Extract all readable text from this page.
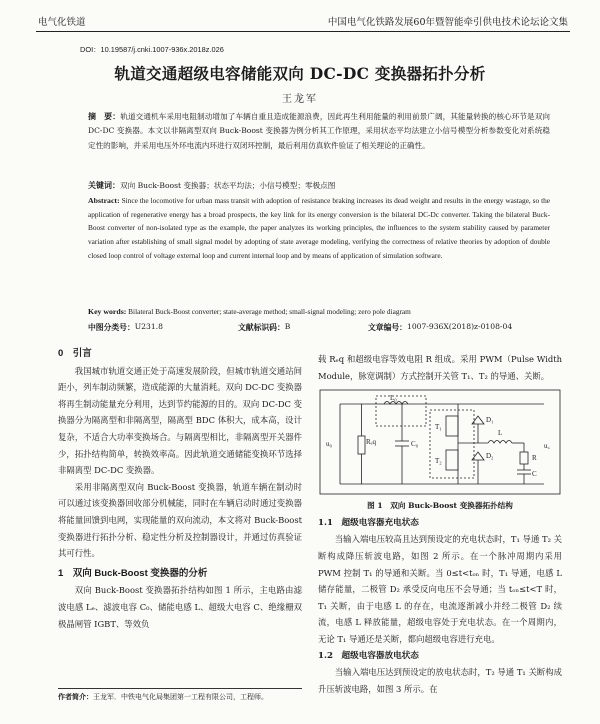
电气化铁道	中国电气化铁路发展60年暨智能牵引供电技术论坛论文集
DOI：10.19587/j.cnki.1007-936x.2018z.026
轨道交通超级电容储能双向 DC-DC 变换器拓扑分析
王龙军
摘　要：轨道交通机车采用电阻制动增加了车辆自重且造成能源浪费，因此再生利用能量的利用前景广阔，其能量转换的核心环节是双向 DC-DC 变换器。本文以非隔离型双向 Buck-Boost 变换器为例分析其工作原理，采用状态平均法建立小信号模型分析参数变化对系统稳定性的影响，并采用电压外环电流内环进行双闭环控制，最后利用仿真软件验证了相关理论的正确性。
关键词：双向 Buck-Boost 变换器；状态平均法；小信号模型；零极点图
Abstract: Since the locomotive for urban mass transit with adoption of resistance braking increases its dead weight and results in the energy wastage, so the application of regenerative energy has a broad prospects, the key link for its energy conversion is the bilateral DC-Dc converter. Taking the bilateral Buck-Boost converter of non-isolated type as the example, the paper analyzes its working principles, the influences to the system stability caused by parameter variation after establishing of small signal model by adopting of state average modeling, verifying the correctness of relative theories by adoption of double closed loop control of voltage external loop and current internal loop and by means of application of simulation software.
Key words: Bilateral Buck-Boost converter; state-average method; small-signal modeling; zero pole diagram
中图分类号： U231.8	文献标识码： B	文章编号： 1007-936X(2018)z-0108-04

0　引言

我国城市轨道交通正处于高速发展阶段，但城市轨道交通站间距小，列车制动频繁，造成能源的大量消耗。双向 DC-DC 变换器将再生制动能量充分利用，达到节约能源的目的。双向 DC-DC 变换器分为隔离型和非隔离型，隔离型 BDC 体积大，成本高，设计复杂，不适合大功率变换场合。与隔离型相比，非隔离型开关器件少，拓扑结构简单，转换效率高。因此轨道交通储能变换环节选择非隔离型 DC-DC 变换器。

采用非隔离型双向 Buck-Boost 变换器，轨道车辆在制动时可以通过该变换器回收部分机械能，同时在车辆启动时通过变换器将能量回馈到电网，实现能量的双向流动，本文将对 Buck-Boost 变换器进行拓扑分析、稳定性分析及控制器设计，并通过仿真验证其可行性。

1　双向 Buck-Boost 变换器的分析

双向 Buck-Boost 变换器拓扑结构如图 1 所示，主电路由滤波电感 Lₑ、滤波电容 C₀、储能电感 L、超级大电容 C、绝缘栅双极晶闸管 IGBT、等效负

作者简介：王龙军．中铁电气化局集团第一工程有限公司，工程师。

载 Rₑq 和超级电容等效电阻 R 组成。采用 PWM（Pulse Width Module，脉宽调制）方式控制开关管 T₁、T₂ 的导通、关断。

u₀	Rₑq
L₀
C₀
T₁
T₂
D₁
D₂
L
R
C
u꜀

图 1　双向 Buck-Boost 变换器拓扑结构

1.1　超级电容器充电状态

当输入端电压较高且达到预设定的充电状态时，T₁ 导通 T₂ 关断构成降压斩波电路，如图 2 所示。在一个脉冲周期内采用 PWM 控制 T₁ 的导通和关断。当 0≤t<tₒₙ 时，T₁ 导通，电感 L 储存能量，二极管 D₂ 承受反向电压不会导通；当 tₒₙ≤t<T 时，T₁ 关断，由于电感 L 的存在，电流逐渐减小并经二极管 D₂ 续流，电感 L 释放能量，超级电容处于充电状态。在一个周期内，无论 T₁ 导通还是关断，都向超级电容进行充电。

1.2　超级电容器放电状态

当输入端电压达到预设定的放电状态时，T₂ 导通 T₁ 关断构成升压斩波电路，如图 3 所示。在
